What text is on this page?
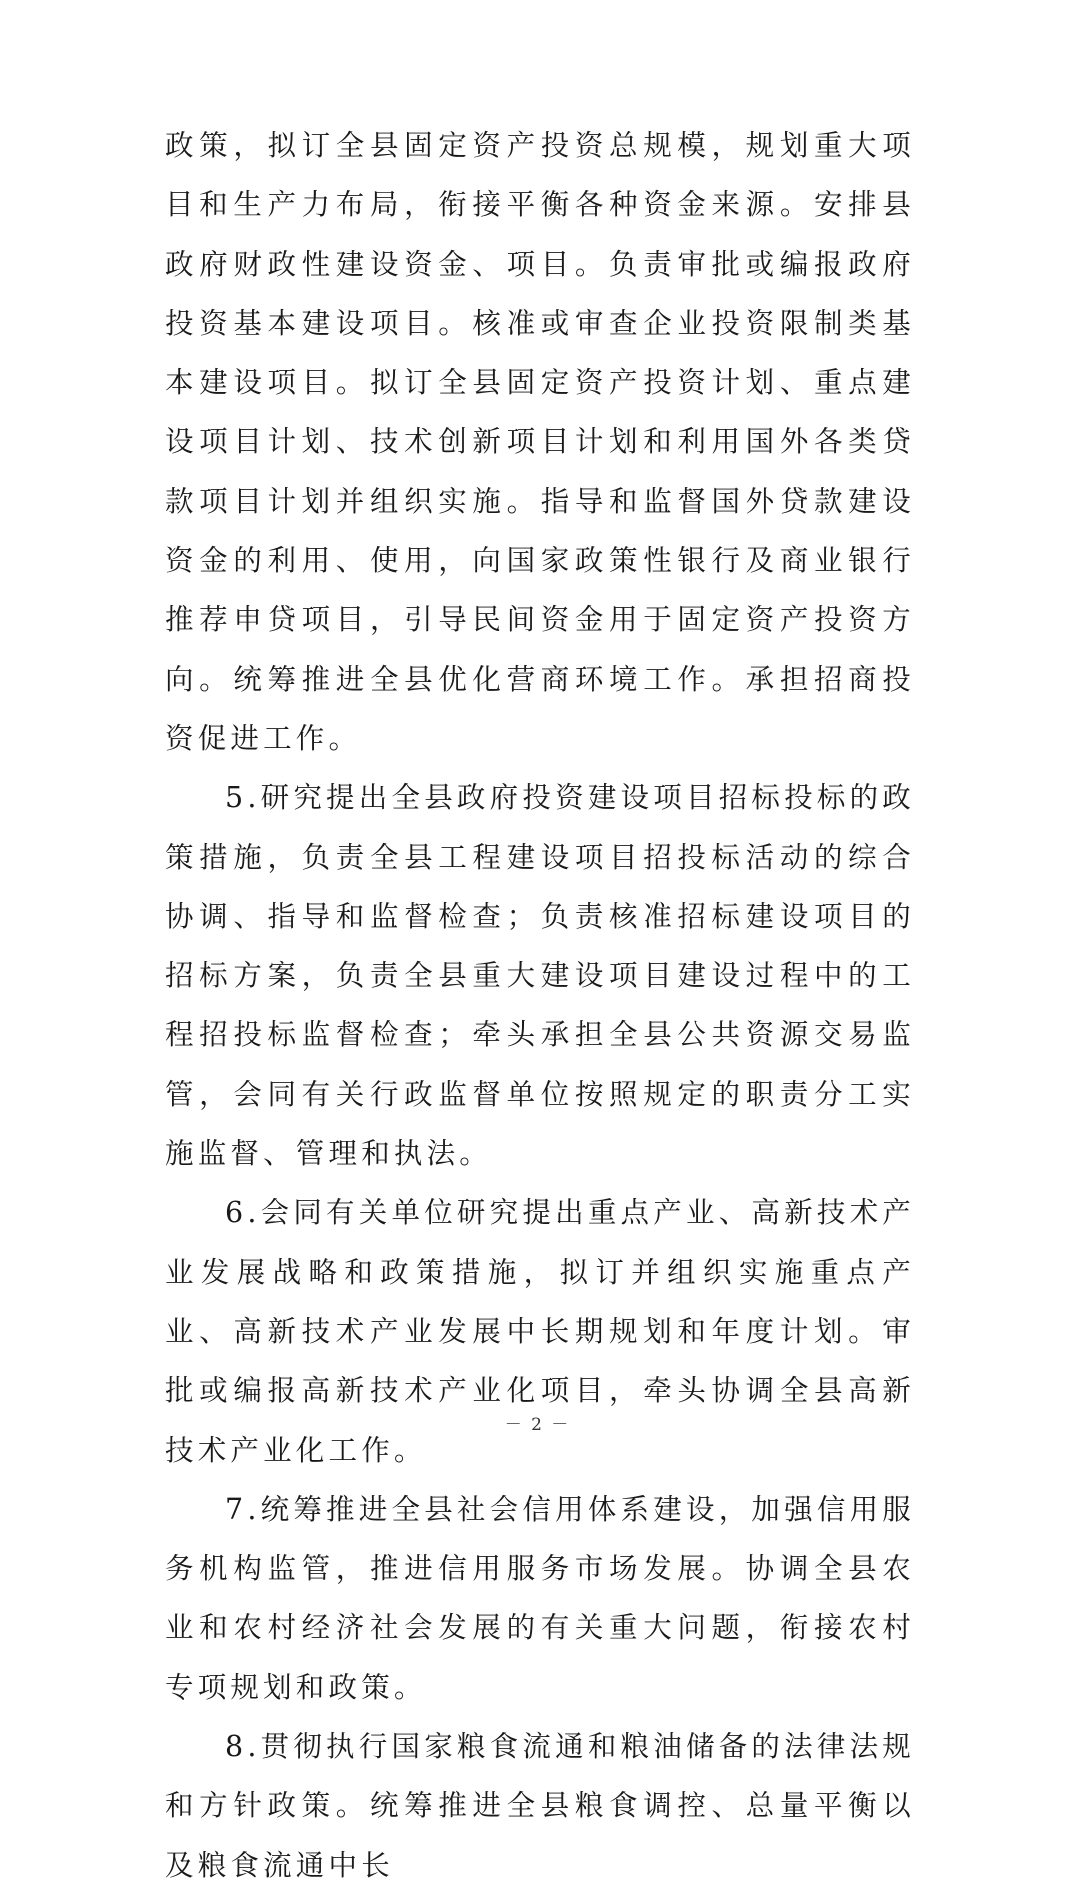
政策，拟订全县固定资产投资总规模，规划重大项目和生产力布局，衔接平衡各种资金来源。安排县政府财政性建设资金、项目。负责审批或编报政府投资基本建设项目。核准或审查企业投资限制类基本建设项目。拟订全县固定资产投资计划、重点建设项目计划、技术创新项目计划和利用国外各类贷款项目计划并组织实施。指导和监督国外贷款建设资金的利用、使用，向国家政策性银行及商业银行推荐申贷项目，引导民间资金用于固定资产投资方向。统筹推进全县优化营商环境工作。承担招商投资促进工作。

5.研究提出全县政府投资建设项目招标投标的政策措施，负责全县工程建设项目招投标活动的综合协调、指导和监督检查；负责核准招标建设项目的招标方案，负责全县重大建设项目建设过程中的工程招投标监督检查；牵头承担全县公共资源交易监管，会同有关行政监督单位按照规定的职责分工实施监督、管理和执法。

6.会同有关单位研究提出重点产业、高新技术产业发展战略和政策措施，拟订并组织实施重点产业、高新技术产业发展中长期规划和年度计划。审批或编报高新技术产业化项目，牵头协调全县高新技术产业化工作。

7.统筹推进全县社会信用体系建设，加强信用服务机构监管，推进信用服务市场发展。协调全县农业和农村经济社会发展的有关重大问题，衔接农村专项规划和政策。

8.贯彻执行国家粮食流通和粮油储备的法律法规和方针政策。统筹推进全县粮食调控、总量平衡以及粮食流通中长

－ 2 －
